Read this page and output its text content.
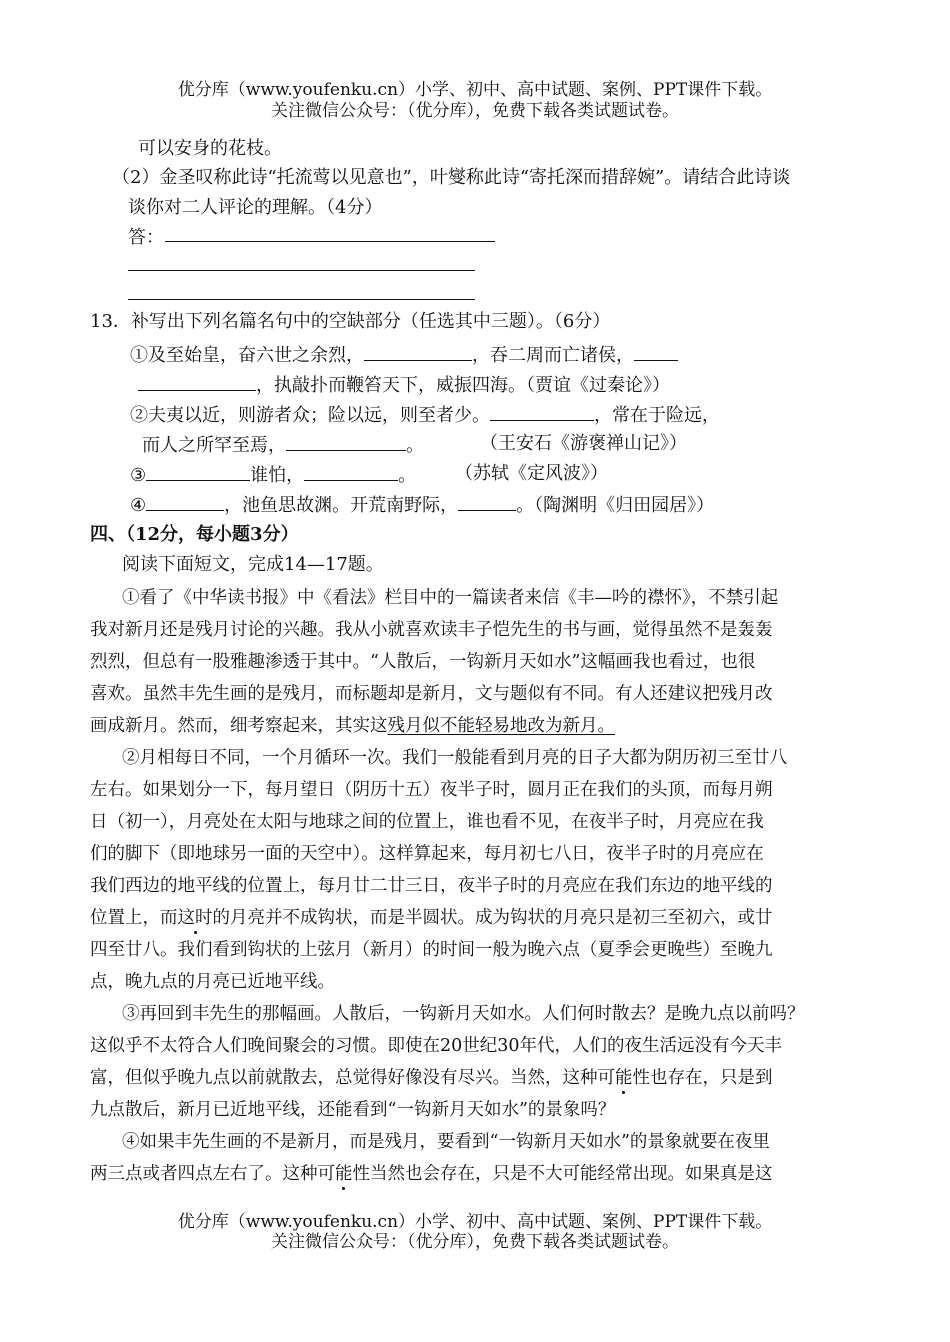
优分库（www.youfenku.cn）小学、初中、高中试题、案例、PPT课件下载。
关注微信公众号：（优分库），免费下载各类试题试卷。
可以安身的花枝。
（2）金圣叹称此诗“托流莺以见意也”，叶燮称此诗“寄托深而措辞婉”。请结合此诗谈
谈你对二人评论的理解。（4分）
答：
13．补写出下列名篇名句中的空缺部分（任选其中三题）。（6分）
①及至始皇，奋六世之余烈，	，吞二周而亡诸侯，
，执敲扑而鞭笞天下，威振四海。（贾谊《过秦论》）
②夫夷以近，则游者众；险以远，则至者少。	，常在于险远，
而人之所罕至焉，	。	（王安石《游褒禅山记》）
③	谁怕，	。 （苏轼《定风波》）
④	，池鱼思故渊。开荒南野际，	。（陶渊明《归田园居》）
四、（12分，每小题3分）
阅读下面短文，完成14—17题。
①看了《中华读书报》中《看法》栏目中的一篇读者来信《丰—吟的襟怀》，不禁引起
我对新月还是残月讨论的兴趣。我从小就喜欢读丰子恺先生的书与画，觉得虽然不是轰轰
烈烈，但总有一股雅趣渗透于其中。“人散后，一钩新月天如水”这幅画我也看过，也很
喜欢。虽然丰先生画的是残月，而标题却是新月，文与题似有不同。有人还建议把残月改
画成新月。然而，细考察起来，其实这残月似不能轻易地改为新月。
②月相每日不同，一个月循环一次。我们一般能看到月亮的日子大都为阴历初三至廿八
左右。如果划分一下，每月望日（阴历十五）夜半子时，圆月正在我们的头顶，而每月朔
日（初一），月亮处在太阳与地球之间的位置上，谁也看不见，在夜半子时，月亮应在我
们的脚下（即地球另一面的天空中）。这样算起来，每月初七八日，夜半子时的月亮应在
我们西边的地平线的位置上，每月廿二廿三日，夜半子时的月亮应在我们东边的地平线的
位置上，而这时的月亮并不成钩状，而是半圆状。成为钩状的月亮只是初三至初六，或廿
四至廿八。我们看到钩状的上弦月（新月）的时间一般为晚六点（夏季会更晚些）至晚九
点，晚九点的月亮已近地平线。
③再回到丰先生的那幅画。人散后，一钩新月天如水。人们何时散去？是晚九点以前吗？
这似乎不太符合人们晚间聚会的习惯。即使在20世纪30年代，人们的夜生活远没有今天丰
富，但似乎晚九点以前就散去，总觉得好像没有尽兴。当然，这种可能性也存在，只是到
九点散后，新月已近地平线，还能看到“一钩新月天如水”的景象吗？
④如果丰先生画的不是新月，而是残月，要看到“一钩新月天如水”的景象就要在夜里
两三点或者四点左右了。这种可能性当然也会存在，只是不大可能经常出现。如果真是这
优分库（www.youfenku.cn）小学、初中、高中试题、案例、PPT课件下载。
关注微信公众号：（优分库），免费下载各类试题试卷。
